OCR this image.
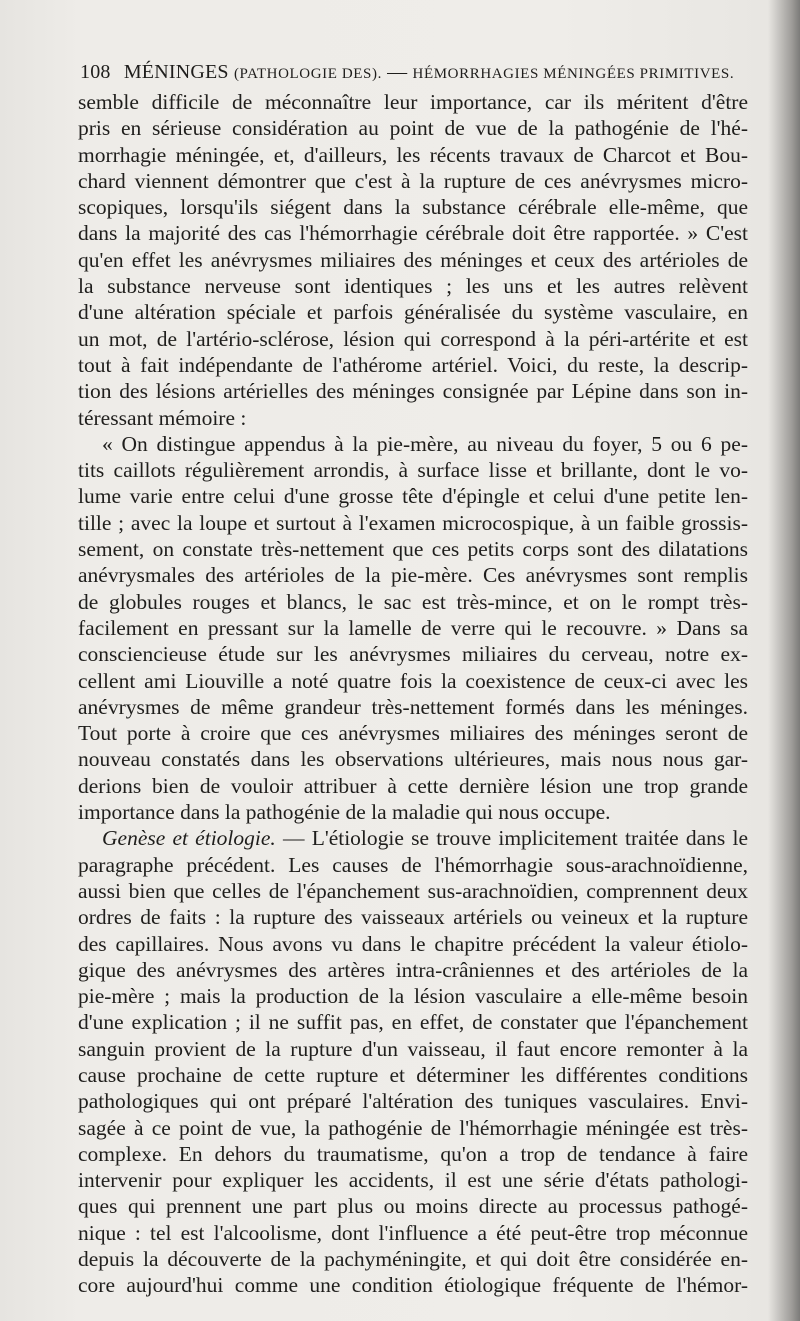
108 MÉNINGES (PATHOLOGIE DES). — HÉMORRHAGIES MÉNINGÉES PRIMITIVES.
semble difficile de méconnaître leur importance, car ils méritent d'être
pris en sérieuse considération au point de vue de la pathogénie de l'hé-
morrhagie méningée, et, d'ailleurs, les récents travaux de Charcot et Bou-
chard viennent démontrer que c'est à la rupture de ces anévrysmes micro-
scopiques, lorsqu'ils siégent dans la substance cérébrale elle-même, que
dans la majorité des cas l'hémorrhagie cérébrale doit être rapportée. » C'est
qu'en effet les anévrysmes miliaires des méninges et ceux des artérioles de
la substance nerveuse sont identiques ; les uns et les autres relèvent
d'une altération spéciale et parfois généralisée du système vasculaire, en
un mot, de l'artério-sclérose, lésion qui correspond à la péri-artérite et est
tout à fait indépendante de l'athérome artériel. Voici, du reste, la descrip-
tion des lésions artérielles des méninges consignée par Lépine dans son in-
téressant mémoire :
« On distingue appendus à la pie-mère, au niveau du foyer, 5 ou 6 pe-
tits caillots régulièrement arrondis, à surface lisse et brillante, dont le vo-
lume varie entre celui d'une grosse tête d'épingle et celui d'une petite len-
tille ; avec la loupe et surtout à l'examen microcospique, à un faible grossis-
sement, on constate très-nettement que ces petits corps sont des dilatations
anévrysmales des artérioles de la pie-mère. Ces anévrysmes sont remplis
de globules rouges et blancs, le sac est très-mince, et on le rompt très-
facilement en pressant sur la lamelle de verre qui le recouvre. » Dans sa
consciencieuse étude sur les anévrysmes miliaires du cerveau, notre ex-
cellent ami Liouville a noté quatre fois la coexistence de ceux-ci avec les
anévrysmes de même grandeur très-nettement formés dans les méninges.
Tout porte à croire que ces anévrysmes miliaires des méninges seront de
nouveau constatés dans les observations ultérieures, mais nous nous gar-
derions bien de vouloir attribuer à cette dernière lésion une trop grande
importance dans la pathogénie de la maladie qui nous occupe.
Genèse et étiologie. — L'étiologie se trouve implicitement traitée dans le
paragraphe précédent. Les causes de l'hémorrhagie sous-arachnoïdienne,
aussi bien que celles de l'épanchement sus-arachnoïdien, comprennent deux
ordres de faits : la rupture des vaisseaux artériels ou veineux et la rupture
des capillaires. Nous avons vu dans le chapitre précédent la valeur étiolo-
gique des anévrysmes des artères intra-crâniennes et des artérioles de la
pie-mère ; mais la production de la lésion vasculaire a elle-même besoin
d'une explication ; il ne suffit pas, en effet, de constater que l'épanchement
sanguin provient de la rupture d'un vaisseau, il faut encore remonter à la
cause prochaine de cette rupture et déterminer les différentes conditions
pathologiques qui ont préparé l'altération des tuniques vasculaires. Envi-
sagée à ce point de vue, la pathogénie de l'hémorrhagie méningée est très-
complexe. En dehors du traumatisme, qu'on a trop de tendance à faire
intervenir pour expliquer les accidents, il est une série d'états pathologi-
ques qui prennent une part plus ou moins directe au processus pathogé-
nique : tel est l'alcoolisme, dont l'influence a été peut-être trop méconnue
depuis la découverte de la pachyméningite, et qui doit être considérée en-
core aujourd'hui comme une condition étiologique fréquente de l'hémor-
